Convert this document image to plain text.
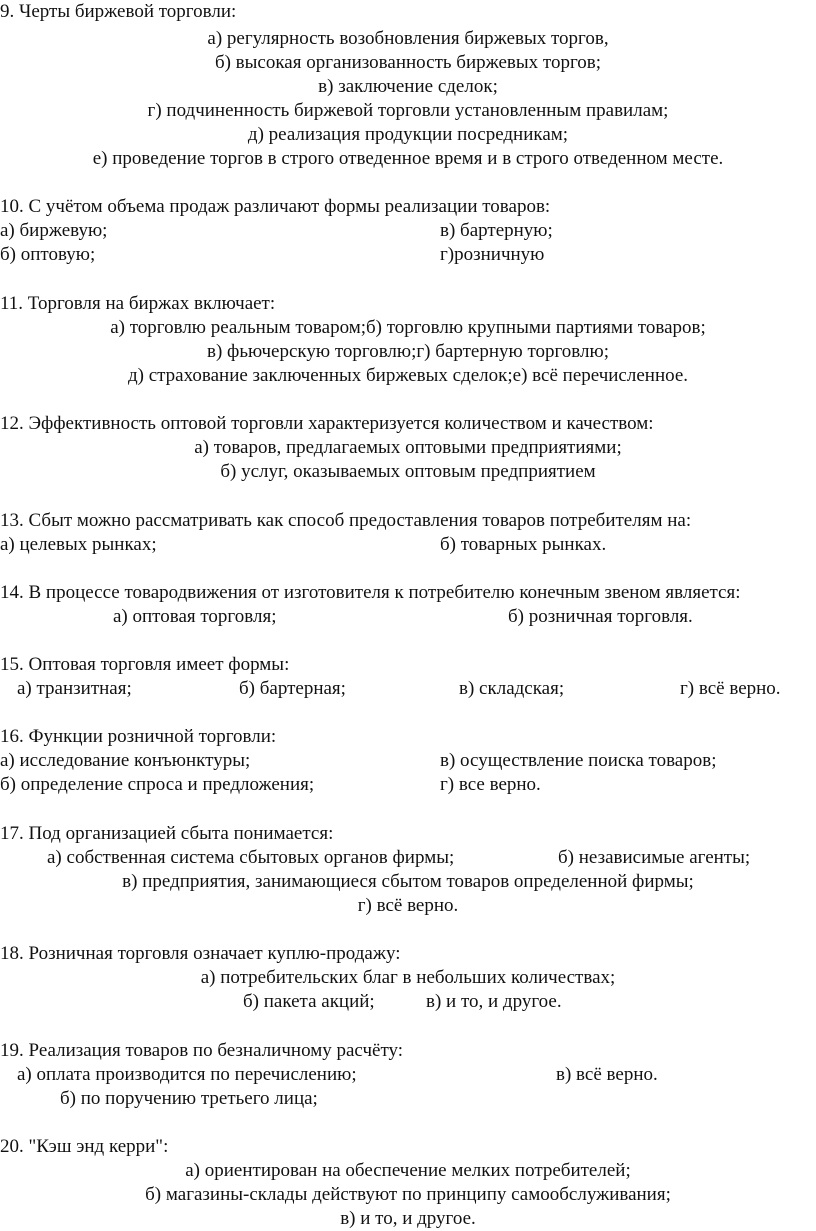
9. Черты биржевой торговли:
а) регулярность возобновления биржевых торгов,
б) высокая организованность биржевых торгов;
в) заключение сделок;
г) подчиненность биржевой торговли установленным правилам;
д) реализация продукции посредникам;
е) проведение торгов в строго отведенное время и в строго отведенном месте.
10. С учётом объема продаж различают формы реализации товаров:
а) биржевую;	в) бартерную;
б) оптовую;	г)розничную
11. Торговля на биржах включает:
а) торговлю реальным товаром;б) торговлю крупными партиями товаров;
в) фьючерскую торговлю;г) бартерную торговлю;
д) страхование заключенных биржевых сделок;е) всё перечисленное.
12. Эффективность оптовой торговли характеризуется количеством и качеством:
а) товаров, предлагаемых оптовыми предприятиями;
б) услуг, оказываемых оптовым предприятием
13. Сбыт можно рассматривать как способ предоставления товаров потребителям на:
а) целевых рынках;	б) товарных рынках.
14. В процессе товародвижения от изготовителя к потребителю конечным звеном является:
а) оптовая торговля;	б) розничная торговля.
15. Оптовая торговля имеет формы:
а) транзитная;	б) бартерная;	в) складская;	г) всё верно.
16. Функции розничной торговли:
а) исследование конъюнктуры;	в) осуществление поиска товаров;
б) определение спроса и предложения;	г) все верно.
17. Под организацией сбыта понимается:
а) собственная система сбытовых органов фирмы;	б) независимые агенты;
в) предприятия, занимающиеся сбытом товаров определенной фирмы;
г) всё верно.
18. Розничная торговля означает куплю-продажу:
а) потребительских благ в небольших количествах;
б) пакета акций;	в) и то, и другое.
19. Реализация товаров по безналичному расчёту:
а) оплата производится по перечислению;	в) всё верно.
б) по поручению третьего лица;
20. "Кэш энд керри":
а) ориентирован на обеспечение мелких потребителей;
б) магазины-склады действуют по принципу самообслуживания;
в) и то, и другое.
